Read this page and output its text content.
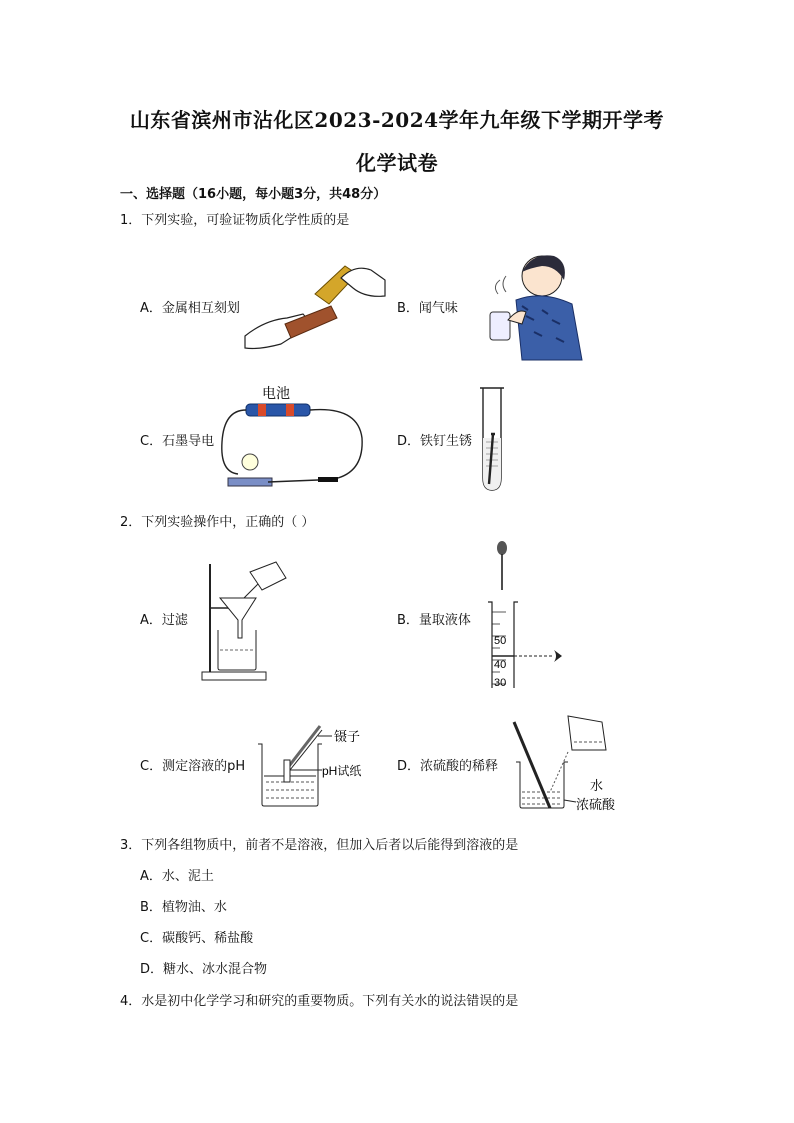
山东省滨州市沾化区2023-2024学年九年级下学期开学考
化学试卷
一、选择题（16小题，每小题3分，共48分）
1．下列实验，可验证物质化学性质的是
A．金属相互刻划	B．闻气味
电池
C．石墨导电	D．铁钉生锈
2．下列实验操作中，正确的（ ）
A．过滤	B．量取液体
50
40
30
C．测定溶液的pH
镊子
pH试纸	D．浓硫酸的稀释
水
浓硫酸
3．下列各组物质中，前者不是溶液，但加入后者以后能得到溶液的是
A．水、泥土
B．植物油、水
C．碳酸钙、稀盐酸
D．糖水、冰水混合物
4．水是初中化学学习和研究的重要物质。下列有关水的说法错误的是
